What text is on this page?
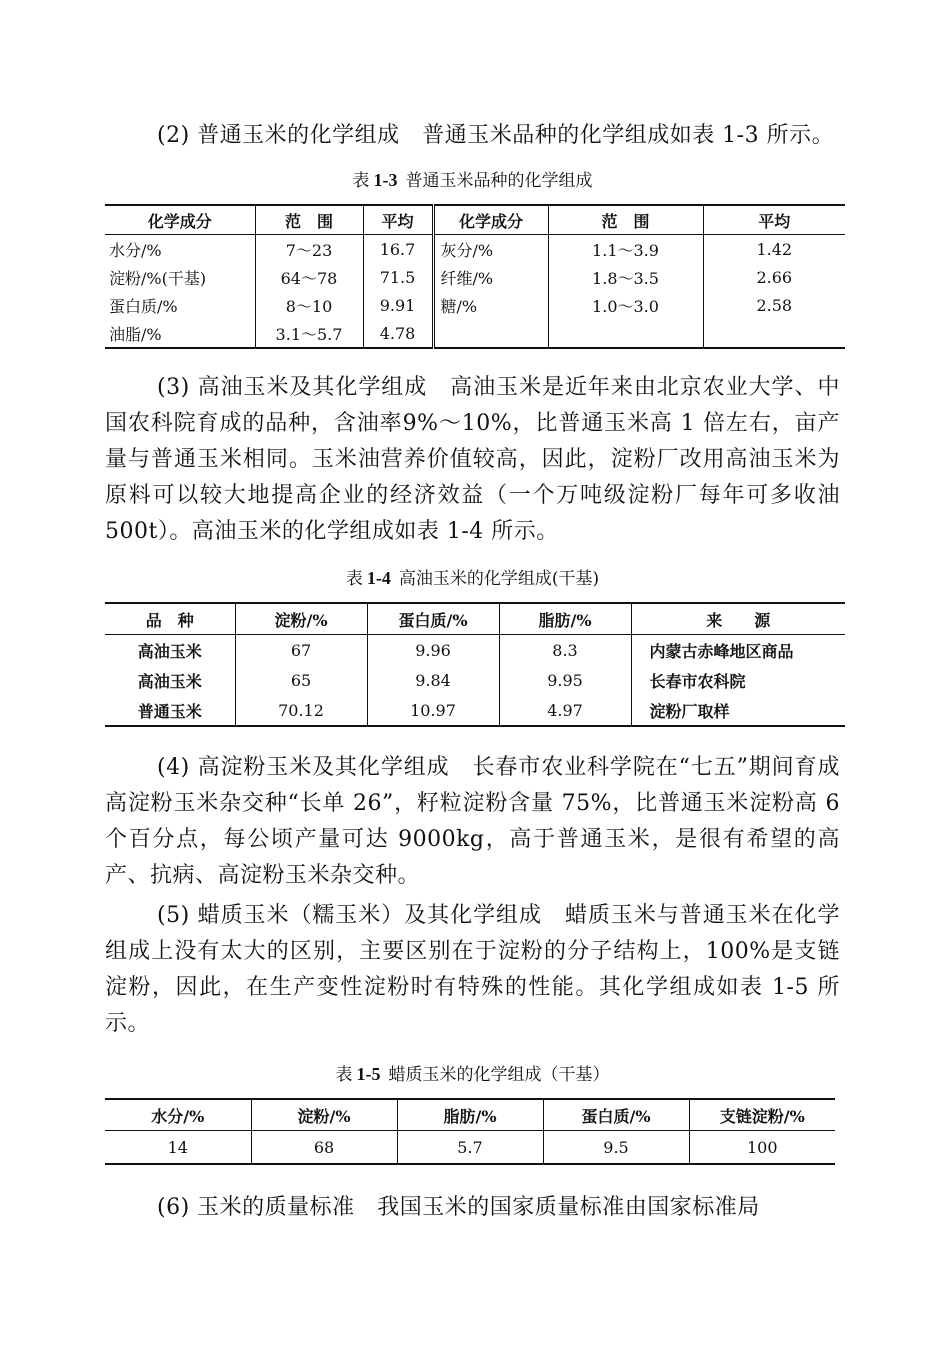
(2) 普通玉米的化学组成　 普通玉米品种的化学组成如表 1-3 所示。

表 1-3 普通玉米品种的化学组成

化学成分	范　围	平均	化学成分	范　围	平均
水分/%	7～23	16.7	灰分/%	1.1～3.9	1.42
淀粉/%(干基)	64～78	71.5	纤维/%	1.8～3.5	2.66
蛋白质/%	8～10	9.91	糖/%	1.0～3.0	2.58
油脂/%	3.1～5.7	4.78			

(3) 高油玉米及其化学组成　 高油玉米是近年来由北京农业大学、中国农科院育成的品种，含油率9%～10%，比普通玉米高 1 倍左右，亩产量与普通玉米相同。玉米油营养价值较高，因此，淀粉厂改用高油玉米为原料可以较大地提高企业的经济效益（一个万吨级淀粉厂每年可多收油 500t）。高油玉米的化学组成如表 1-4 所示。

表 1-4 高油玉米的化学组成(干基)

品　种	淀粉/%	蛋白质/%	脂肪/%	来　　源
高油玉米	67	9.96	8.3	内蒙古赤峰地区商品
高油玉米	65	9.84	9.95	长春市农科院
普通玉米	70.12	10.97	4.97	淀粉厂取样

(4) 高淀粉玉米及其化学组成　 长春市农业科学院在“七五”期间育成高淀粉玉米杂交种“长单 26”，籽粒淀粉含量 75%，比普通玉米淀粉高 6 个百分点，每公顷产量可达 9000kg，高于普通玉米，是很有希望的高产、抗病、高淀粉玉米杂交种。

(5) 蜡质玉米（糯玉米）及其化学组成　 蜡质玉米与普通玉米在化学组成上没有太大的区别，主要区别在于淀粉的分子结构上，100%是支链淀粉，因此，在生产变性淀粉时有特殊的性能。其化学组成如表 1-5 所示。

表 1-5 蜡质玉米的化学组成（干基）

水分/%	淀粉/%	脂肪/%	蛋白质/%	支链淀粉/%
14	68	5.7	9.5	100

(6) 玉米的质量标准　 我国玉米的国家质量标准由国家标准局
